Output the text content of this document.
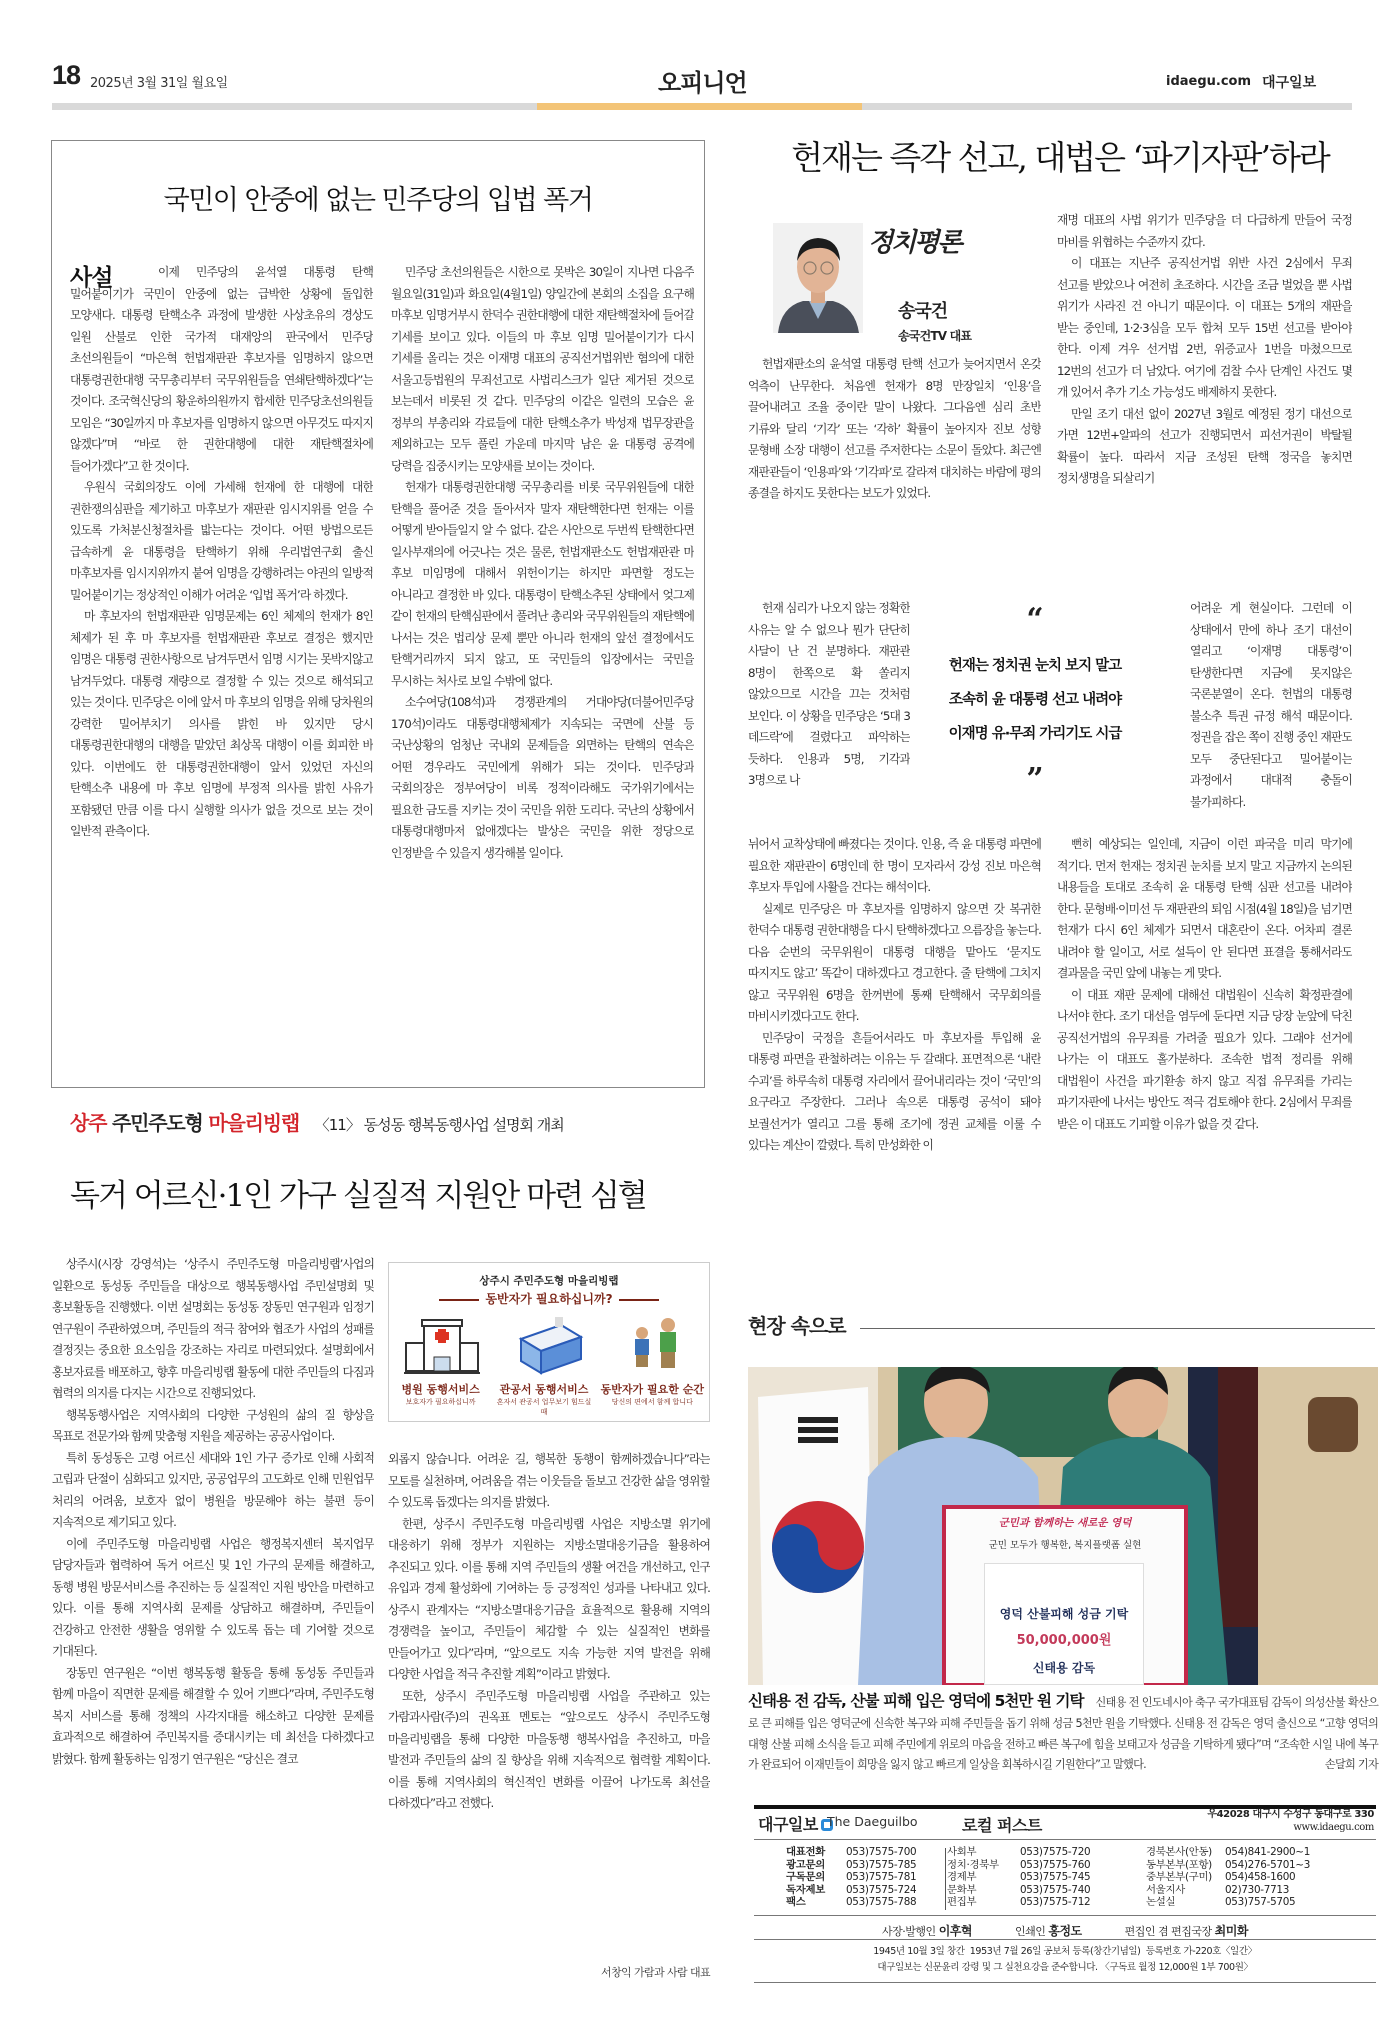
18 2025년 3월 31일 월요일	오피니언	idaegu.com 대구일보
국민이 안중에 없는 민주당의 입법 폭거
사설	이제 민주당의 윤석열 대통령 탄핵 밀어붙이기가 국민이 안중에 없는 급박한 상황에 돌입한 모양새다. 대통령 탄핵소추 과정에 발생한 사상초유의 경상도 일원 산불로 인한 국가적 대재앙의 판국에서 민주당 초선의원들이 “마은혁 헌법재판관 후보자를 임명하지 않으면 대통령권한대행 국무총리부터 국무위원들을 연쇄탄핵하겠다”는 것이다. 조국혁신당의 황운하의원까지 합세한 민주당초선의원들 모임은 “30일까지 마 후보자를 임명하지 않으면 아무것도 따지지 않겠다”며 “바로 한 권한대행에 대한 재탄핵절차에 들어가겠다”고 한 것이다.
우원식 국회의장도 이에 가세해 헌재에 한 대행에 대한 권한쟁의심판을 제기하고 마후보가 재판관 임시지위를 얻을 수 있도록 가처분신청절차를 밟는다는 것이다. 어떤 방법으로든 급속하게 윤 대통령을 탄핵하기 위해 우리법연구회 출신 마후보자를 임시지위까지 붙여 임명을 강행하려는 야권의 일방적 밀어붙이기는 정상적인 이해가 어려운 ‘입법 폭거’라 하겠다.
마 후보자의 헌법재판관 임명문제는 6인 체제의 헌재가 8인 체제가 된 후 마 후보자를 헌법재판관 후보로 결정은 했지만 임명은 대통령 권한사항으로 남겨두면서 임명 시기는 못박지않고 남겨두었다. 대통령 재량으로 결정할 수 있는 것으로 해석되고 있는 것이다. 민주당은 이에 앞서 마 후보의 임명을 위해 당차원의 강력한 밀어부치기 의사를 밝힌 바 있지만 당시 대통령권한대행의 대행을 맡았던 최상목 대행이 이를 회피한 바 있다. 이번에도 한 대통령권한대행이 앞서 있었던 자신의 탄핵소추 내용에 마 후보 임명에 부정적 의사를 밝힌 사유가 포함됐던 만큼 이를 다시 실행할 의사가 없을 것으로 보는 것이 일반적 관측이다.
민주당 초선의원들은 시한으로 못박은 30일이 지나면 다음주 월요일(31일)과 화요일(4월1일) 양일간에 본회의 소집을 요구해 마후보 임명거부시 한덕수 권한대행에 대한 재탄핵절차에 들어갈 기세를 보이고 있다. 이들의 마 후보 임명 밀어붙이기가 다시 기세를 올리는 것은 이재명 대표의 공직선거법위반 혐의에 대한 서울고등법원의 무죄선고로 사법리스크가 일단 제거된 것으로 보는데서 비롯된 것 같다. 민주당의 이같은 일련의 모습은 윤 정부의 부총리와 각료들에 대한 탄핵소추가 박성재 법무장관을 제외하고는 모두 풀린 가운데 마지막 남은 윤 대통령 공격에 당력을 집중시키는 모양새를 보이는 것이다.
헌재가 대통령권한대행 국무총리를 비롯 국무위원들에 대한 탄핵을 풀어준 것을 돌아서자 말자 재탄핵한다면 헌재는 이를 어떻게 받아들일지 알 수 없다. 같은 사안으로 두번씩 탄핵한다면 일사부재의에 어긋나는 것은 물론, 헌법재판소도 헌법재판관 마 후보 미임명에 대해서 위헌이기는 하지만 파면할 정도는 아니라고 결정한 바 있다. 대통령이 탄핵소추된 상태에서 엊그제 같이 헌재의 탄핵심판에서 풀려난 총리와 국무위원들의 재탄핵에 나서는 것은 법리상 문제 뿐만 아니라 헌재의 앞선 결정에서도 탄핵거리까지 되지 않고, 또 국민들의 입장에서는 국민을 무시하는 처사로 보일 수밖에 없다.
소수여당(108석)과 경쟁관계의 거대야당(더불어민주당 170석)이라도 대통령대행체제가 지속되는 국면에 산불 등 국난상황의 엄청난 국내외 문제들을 외면하는 탄핵의 연속은 어떤 경우라도 국민에게 위해가 되는 것이다. 민주당과 국회의장은 정부여당이 비록 정적이라해도 국가위기에서는 필요한 금도를 지키는 것이 국민을 위한 도리다. 국난의 상황에서 대통령대행마저 없애겠다는 발상은 국민을 위한 정당으로 인정받을 수 있을지 생각해볼 일이다.
헌재는 즉각 선고, 대법은 ‘파기자판’하라
정치평론
송국건
송국건TV 대표
헌법재판소의 윤석열 대통령 탄핵 선고가 늦어지면서 온갖 억측이 난무한다. 처음엔 헌재가 8명 만장일치 ‘인용’을 끌어내려고 조율 중이란 말이 나왔다. 그다음엔 심리 초반 기류와 달리 ‘기각’ 또는 ‘각하’ 확률이 높아지자 진보 성향 문형배 소장 대행이 선고를 주저한다는 소문이 돌았다. 최근엔 재판관들이 ‘인용파’와 ‘기각파’로 갈라져 대치하는 바람에 평의 종결을 하지도 못한다는 보도가 있었다.
헌재 심리가 나오지 않는 정확한 사유는 알 수 없으나 뭔가 단단히 사달이 난 건 분명하다. 재판관 8명이 한쪽으로 확 쏠리지 않았으므로 시간을 끄는 것처럼 보인다. 이 상황을 민주당은 ‘5대 3 데드락’에 걸렸다고 파악하는 듯하다. 인용과 5명, 기각과 3명으로 나
뉘어서 교착상태에 빠졌다는 것이다. 인용, 즉 윤 대통령 파면에 필요한 재판관이 6명인데 한 명이 모자라서 강성 진보 마은혁 후보자 투입에 사활을 건다는 해석이다.
실제로 민주당은 마 후보자를 임명하지 않으면 갓 복귀한 한덕수 대통령 권한대행을 다시 탄핵하겠다고 으름장을 놓는다. 다음 순번의 국무위원이 대통령 대행을 맡아도 ‘묻지도 따지지도 않고’ 똑같이 대하겠다고 경고한다. 줄 탄핵에 그치지 않고 국무위원 6명을 한꺼번에 통째 탄핵해서 국무회의를 마비시키겠다고도 한다.
민주당이 국정을 흔들어서라도 마 후보자를 투입해 윤 대통령 파면을 관철하려는 이유는 두 갈래다. 표면적으론 ‘내란 수괴’를 하루속히 대통령 자리에서 끌어내리라는 것이 ‘국민’의 요구라고 주장한다. 그러나 속으론 대통령 공석이 돼야 보궐선거가 열리고 그를 통해 조기에 정권 교체를 이룰 수 있다는 계산이 깔렸다. 특히 만성화한 이
재명 대표의 사법 위기가 민주당을 더 다급하게 만들어 국정 마비를 위협하는 수준까지 갔다.
이 대표는 지난주 공직선거법 위반 사건 2심에서 무죄 선고를 받았으나 여전히 초조하다. 시간을 조금 벌었을 뿐 사법 위기가 사라진 건 아니기 때문이다. 이 대표는 5개의 재판을 받는 중인데, 1·2·3심을 모두 합쳐 모두 15번 선고를 받아야 한다. 이제 겨우 선거법 2번, 위증교사 1번을 마쳤으므로 12번의 선고가 더 남았다. 여기에 검찰 수사 단계인 사건도 몇 개 있어서 추가 기소 가능성도 배제하지 못한다.
만일 조기 대선 없이 2027년 3월로 예정된 정기 대선으로 가면 12번+알파의 선고가 진행되면서 피선거권이 박탈될 확률이 높다. 따라서 지금 조성된 탄핵 정국을 놓치면 정치생명을 되살리기
어려운 게 현실이다. 그런데 이 상태에서 만에 하나 조기 대선이 열리고 ‘이재명 대통령’이 탄생한다면 지금에 못지않은 국론분열이 온다. 헌법의 대통령 불소추 특권 규정 해석 때문이다. 정권을 잡은 쪽이 진행 중인 재판도 모두 중단된다고 밀어붙이는 과정에서 대대적 충돌이 불가피하다.
뻔히 예상되는 일인데, 지금이 이런 파국을 미리 막기에 적기다. 먼저 헌재는 정치권 눈치를 보지 말고 지금까지 논의된 내용들을 토대로 조속히 윤 대통령 탄핵 심판 선고를 내려야 한다. 문형배·이미선 두 재판관의 퇴임 시점(4월 18일)을 넘기면 헌재가 다시 6인 체제가 되면서 대혼란이 온다. 어차피 결론 내려야 할 일이고, 서로 설득이 안 된다면 표결을 통해서라도 결과물을 국민 앞에 내놓는 게 맞다.
이 대표 재판 문제에 대해선 대법원이 신속히 확정판결에 나서야 한다. 조기 대선을 염두에 둔다면 지금 당장 눈앞에 닥친 공직선거법의 유무죄를 가려줄 필요가 있다. 그래야 선거에 나가는 이 대표도 홀가분하다. 조속한 법적 정리를 위해 대법원이 사건을 파기환송 하지 않고 직접 유무죄를 가리는 파기자판에 나서는 방안도 적극 검토해야 한다. 2심에서 무죄를 받은 이 대표도 기피할 이유가 없을 것 같다.
“
헌재는 정치권 눈치 보지 말고
조속히 윤 대통령 선고 내려야
이재명 유·무죄 가리기도 시급
”
상주 주민주도형 마을리빙랩 〈11〉 동성동 행복동행사업 설명회 개최
독거 어르신·1인 가구 실질적 지원안 마련 심혈
상주시(시장 강영석)는 ‘상주시 주민주도형 마을리빙랩’사업의 일환으로 동성동 주민들을 대상으로 행복동행사업 주민설명회 및 홍보활동을 진행했다. 이번 설명회는 동성동 장동민 연구원과 임정기 연구원이 주관하였으며, 주민들의 적극 참여와 협조가 사업의 성패를 결정짓는 중요한 요소임을 강조하는 자리로 마련되었다. 설명회에서 홍보자료를 배포하고, 향후 마을리빙랩 활동에 대한 주민들의 다짐과 협력의 의지를 다지는 시간으로 진행되었다.
행복동행사업은 지역사회의 다양한 구성원의 삶의 질 향상을 목표로 전문가와 함께 맞춤형 지원을 제공하는 공공사업이다.
특히 동성동은 고령 어르신 세대와 1인 가구 증가로 인해 사회적 고립과 단절이 심화되고 있지만, 공공업무의 고도화로 인해 민원업무 처리의 어려움, 보호자 없이 병원을 방문해야 하는 불편 등이 지속적으로 제기되고 있다.
이에 주민주도형 마을리빙랩 사업은 행정복지센터 복지업무 담당자들과 협력하여 독거 어르신 및 1인 가구의 문제를 해결하고, 동행 병원 방문서비스를 추진하는 등 실질적인 지원 방안을 마련하고 있다. 이를 통해 지역사회 문제를 상담하고 해결하며, 주민들이 건강하고 안전한 생활을 영위할 수 있도록 돕는 데 기여할 것으로 기대된다.
장동민 연구원은 “이번 행복동행 활동을 통해 동성동 주민들과 함께 마을이 직면한 문제를 해결할 수 있어 기쁘다”라며, 주민주도형 복지 서비스를 통해 정책의 사각지대를 해소하고 다양한 문제를 효과적으로 해결하여 주민복지를 증대시키는 데 최선을 다하겠다고 밝혔다. 함께 활동하는 임정기 연구원은 “당신은 결코
상주시 주민주도형 마을리빙랩
동반자가 필요하십니까?
병원 동행서비스
보호자가 필요하십니까
관공서 동행서비스
혼자서 관공서 업무보기 힘드실 때
동반자가 필요한 순간
당신의 편에서 함께 합니다
외롭지 않습니다. 어려운 길, 행복한 동행이 함께하겠습니다”라는 모토를 실천하며, 어려움을 겪는 이웃들을 돌보고 건강한 삶을 영위할 수 있도록 돕겠다는 의지를 밝혔다.
한편, 상주시 주민주도형 마을리빙랩 사업은 지방소멸 위기에 대응하기 위해 정부가 지원하는 지방소멸대응기금을 활용하여 추진되고 있다. 이를 통해 지역 주민들의 생활 여건을 개선하고, 인구 유입과 경제 활성화에 기여하는 등 긍정적인 성과를 나타내고 있다. 상주시 관계자는 “지방소멸대응기금을 효율적으로 활용해 지역의 경쟁력을 높이고, 주민들이 체감할 수 있는 실질적인 변화를 만들어가고 있다”라며, “앞으로도 지속 가능한 지역 발전을 위해 다양한 사업을 적극 추진할 계획”이라고 밝혔다.
또한, 상주시 주민주도형 마을리빙랩 사업을 주관하고 있는 가람과사람(주)의 권옥표 멘토는 “앞으로도 상주시 주민주도형 마을리빙랩을 통해 다양한 마을동행 행복사업을 추진하고, 마을 발전과 주민들의 삶의 질 향상을 위해 지속적으로 협력할 계획이다. 이를 통해 지역사회의 혁신적인 변화를 이끌어 나가도록 최선을 다하겠다”라고 전했다.
서창익 가람과 사람 대표
현장 속으로
군민과 함께하는 새로운 영덕
군민 모두가 행복한, 복지플랫폼 실현
영덕 산불피해 성금 기탁
50,000,000원
신태용 감독
신태용 전 감독, 산불 피해 입은 영덕에 5천만 원 기탁 신태용 전 인도네시아 축구 국가대표팀 감독이 의성산불 확산으로 큰 피해를 입은 영덕군에 신속한 복구와 피해 주민들을 돕기 위해 성금 5천만 원을 기탁했다. 신태용 전 감독은 영덕 출신으로 “고향 영덕의 대형 산불 피해 소식을 듣고 피해 주민에게 위로의 마음을 전하고 빠른 복구에 힘을 보태고자 성금을 기탁하게 됐다”며 “조속한 시일 내에 복구가 완료되어 이재민들이 희망을 잃지 않고 빠르게 일상을 회복하시길 기원한다”고 말했다.	손달희 기자
대구일보 The Daeguilbo	로컬 퍼스트
우42028 대구시 수성구 동대구로 330
www.idaegu.com
대표전화 053)7575-700
광고문의 053)7575-785
구독문의 053)7575-781
독자제보 053)7575-724
팩스	053)7575-788
사회부	053)7575-720
정치·경북부 053)7575-760
경제부	053)7575-745
문화부	053)7575-740
편집부	053)7575-712
경북본사(안동) 054)841-2900~1
동부본부(포항) 054)276-5701~3
중부본부(구미) 054)458-1600
서울지사	02)730-7713
논설실	053)757-5705
사장·발행인 이후혁	인쇄인 홍정도	편집인 겸 편집국장 최미화
1945년 10월 3일 창간  1953년 7월 26일 공보처 등록(창간기념일)  등록번호 가-220호〈일간〉
대구일보는 신문윤리 강령 및 그 실천요강을 준수합니다. 〈구독료 월정 12,000원 1부 700원〉
